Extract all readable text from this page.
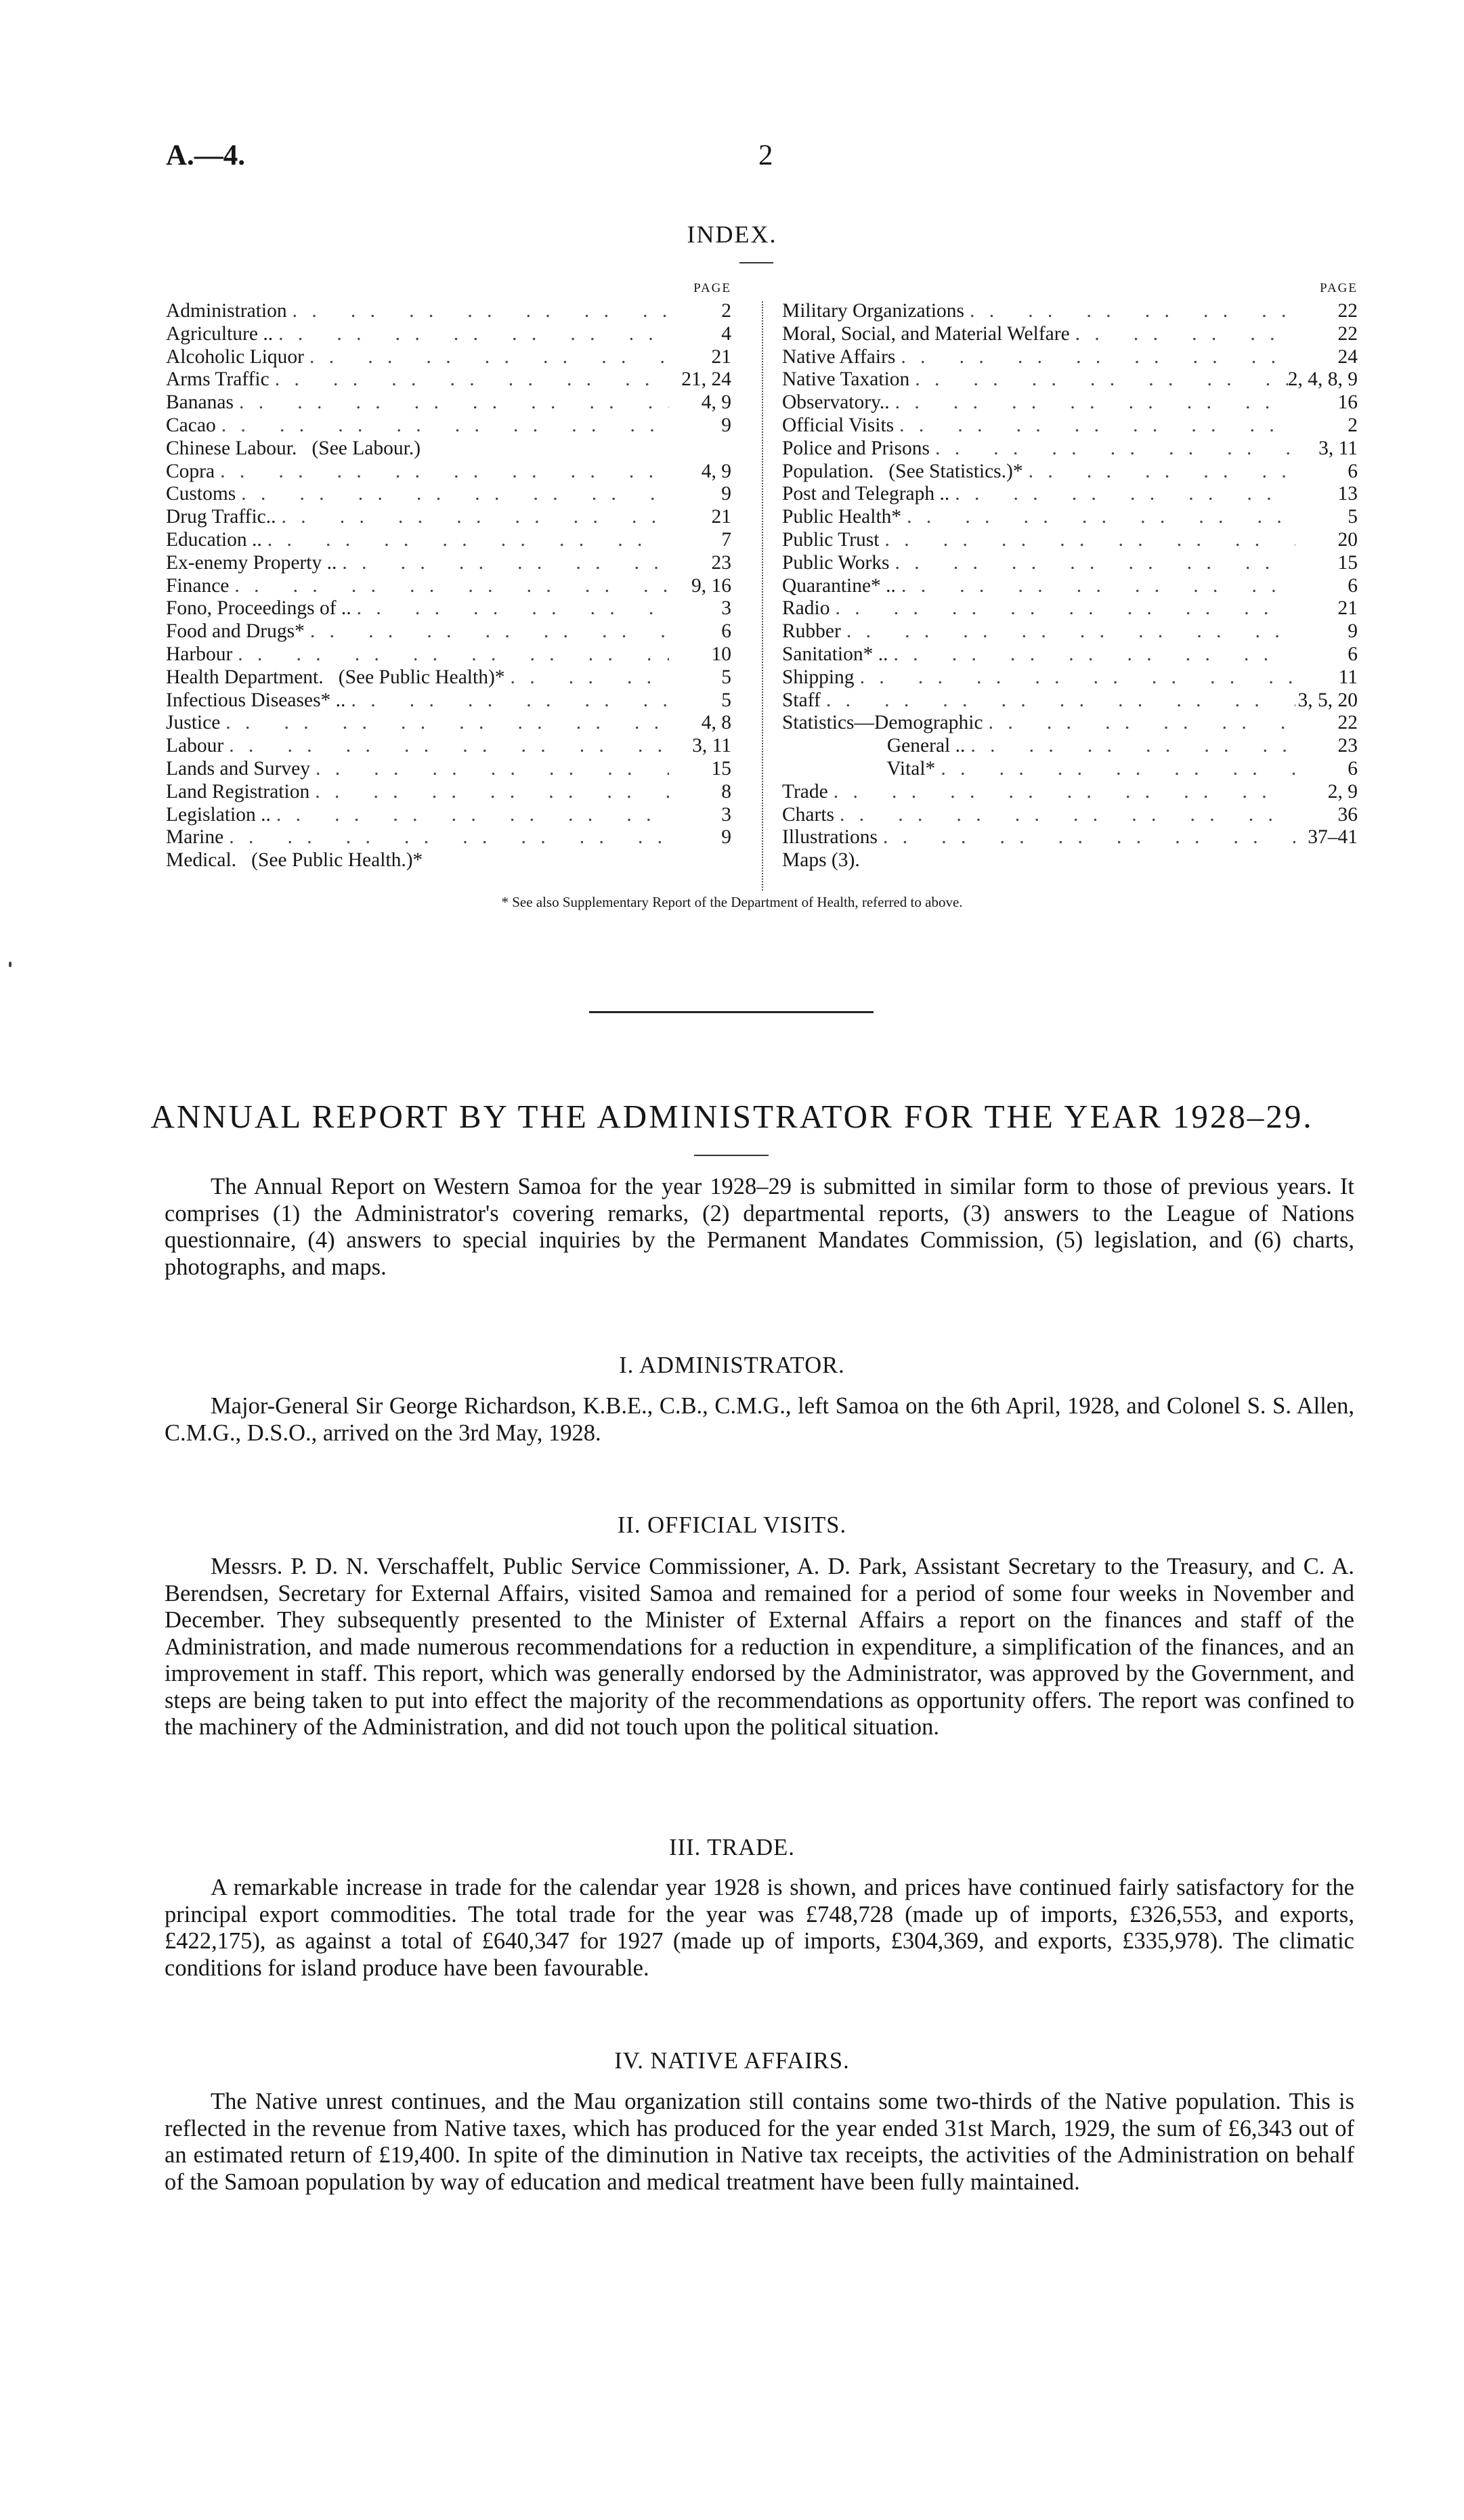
A.—4.	2
INDEX.
PAGE
Administration . .	2
Agriculture .. . .	4
Alcoholic Liquor . .	21
Arms Traffic . .	21, 24
Bananas . .	4, 9
Cacao . .	9
Chinese Labour.   (See Labour.)
Copra . .	4, 9
Customs . .	9
Drug Traffic.. . .	21
Education .. . .	7
Ex-enemy Property .. . .	23
Finance . .	9, 16
Fono, Proceedings of .. . .	3
Food and Drugs* . .	6
Harbour . .	10
Health Department.   (See Public Health)* . .	5
Infectious Diseases* .. . .	5
Justice . .	4, 8
Labour . .	3, 11
Lands and Survey . .	15
Land Registration . .	8
Legislation .. . .	3
Marine . .	9
Medical.   (See Public Health.)*
PAGE
Military Organizations . .	22
Moral, Social, and Material Welfare . .	22
Native Affairs . .	24
Native Taxation . .	2, 4, 8, 9
Observatory.. . .	16
Official Visits . .	2
Police and Prisons . .	3, 11
Population.   (See Statistics.)* . .	6
Post and Telegraph .. . .	13
Public Health* . .	5
Public Trust . .	20
Public Works . .	15
Quarantine* .. . .	6
Radio . .	21
Rubber . .	9
Sanitation* .. . .	6
Shipping . .	11
Staff . .	3, 5, 20
Statistics—Demographic . .	22
General .. . .	23
Vital* . .	6
Trade . .	2, 9
Charts . .	36
Illustrations . .	37–41
Maps (3).
* See also Supplementary Report of the Department of Health, referred to above.
ANNUAL REPORT BY THE ADMINISTRATOR FOR THE YEAR 1928–29.
The Annual Report on Western Samoa for the year 1928–29 is submitted in similar form to those of previous years. It comprises (1) the Administrator's covering remarks, (2) departmental reports, (3) answers to the League of Nations questionnaire, (4) answers to special inquiries by the Permanent Mandates Commission, (5) legislation, and (6) charts, photographs, and maps.
I. ADMINISTRATOR.
Major-General Sir George Richardson, K.B.E., C.B., C.M.G., left Samoa on the 6th April, 1928, and Colonel S. S. Allen, C.M.G., D.S.O., arrived on the 3rd May, 1928.
II. OFFICIAL VISITS.
Messrs. P. D. N. Verschaffelt, Public Service Commissioner, A. D. Park, Assistant Secretary to the Treasury, and C. A. Berendsen, Secretary for External Affairs, visited Samoa and remained for a period of some four weeks in November and December. They subsequently presented to the Minister of External Affairs a report on the finances and staff of the Administration, and made numerous recommendations for a reduction in expenditure, a simplification of the finances, and an improvement in staff. This report, which was generally endorsed by the Administrator, was approved by the Government, and steps are being taken to put into effect the majority of the recommendations as opportunity offers. The report was confined to the machinery of the Administration, and did not touch upon the political situation.
III. TRADE.
A remarkable increase in trade for the calendar year 1928 is shown, and prices have continued fairly satisfactory for the principal export commodities. The total trade for the year was £748,728 (made up of imports, £326,553, and exports, £422,175), as against a total of £640,347 for 1927 (made up of imports, £304,369, and exports, £335,978). The climatic conditions for island produce have been favourable.
IV. NATIVE AFFAIRS.
The Native unrest continues, and the Mau organization still contains some two-thirds of the Native population. This is reflected in the revenue from Native taxes, which has produced for the year ended 31st March, 1929, the sum of £6,343 out of an estimated return of £19,400. In spite of the diminution in Native tax receipts, the activities of the Administration on behalf of the Samoan population by way of education and medical treatment have been fully maintained.
